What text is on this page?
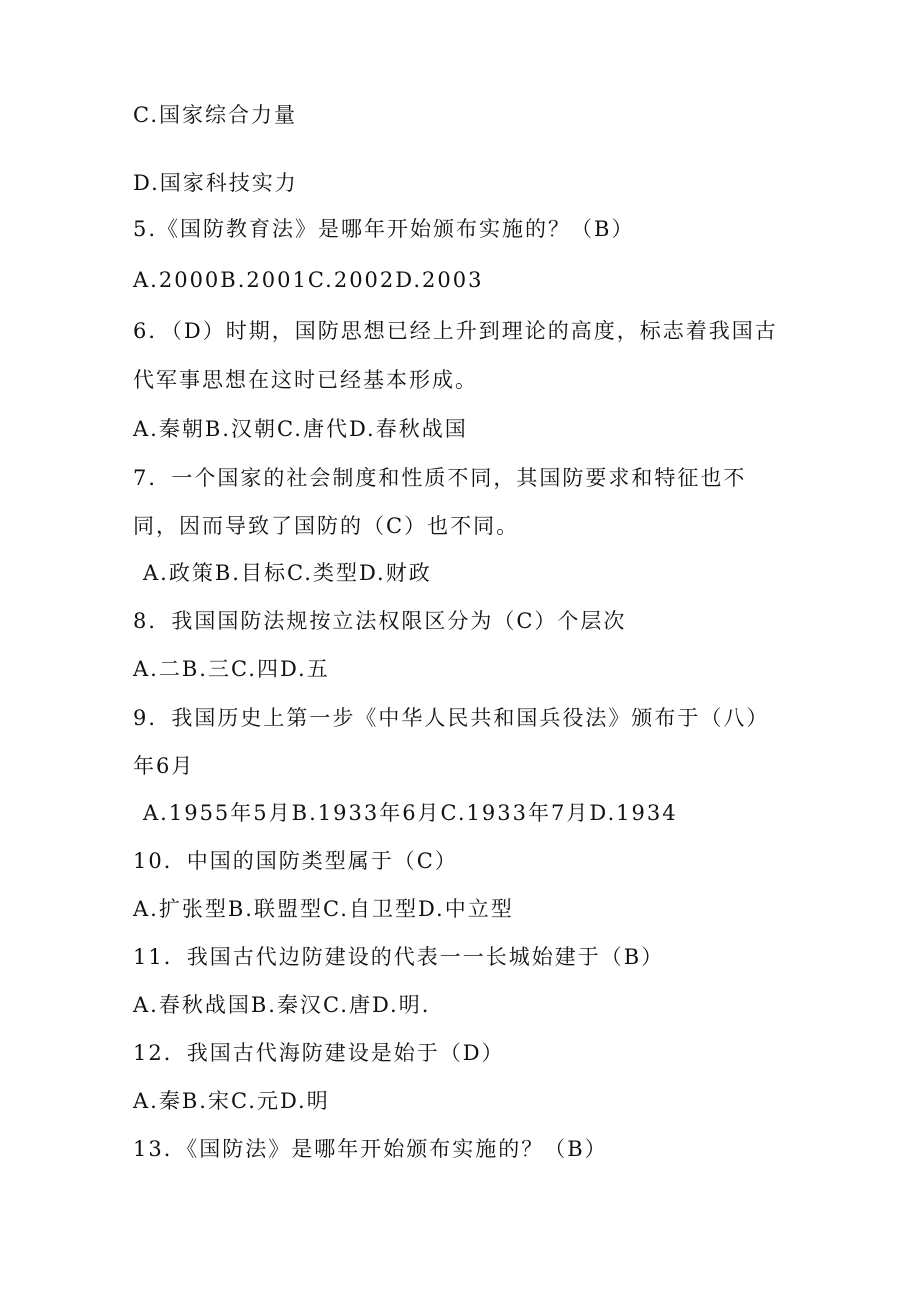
C.国家综合力量
D.国家科技实力
5.《国防教育法》是哪年开始颁布实施的？（B）
A.2000B.2001C.2002D.2003
6．（D）时期，国防思想已经上升到理论的高度，标志着我国古
代军事思想在这时已经基本形成。
A.秦朝B.汉朝C.唐代D.春秋战国
7．一个国家的社会制度和性质不同，其国防要求和特征也不
同，因而导致了国防的（C）也不同。
A.政策B.目标C.类型D.财政
8．我国国防法规按立法权限区分为（C）个层次
A.二B.三C.四D.五
9．我国历史上第一步《中华人民共和国兵役法》颁布于（八）
年6月
A.1955年5月B.1933年6月C.1933年7月D.1934
10．中国的国防类型属于（C）
A.扩张型B.联盟型C.自卫型D.中立型
11．我国古代边防建设的代表一一长城始建于（B）
A.春秋战国B.秦汉C.唐D.明.
12．我国古代海防建设是始于（D）
A.秦B.宋C.元D.明
13．《国防法》是哪年开始颁布实施的？（B）
